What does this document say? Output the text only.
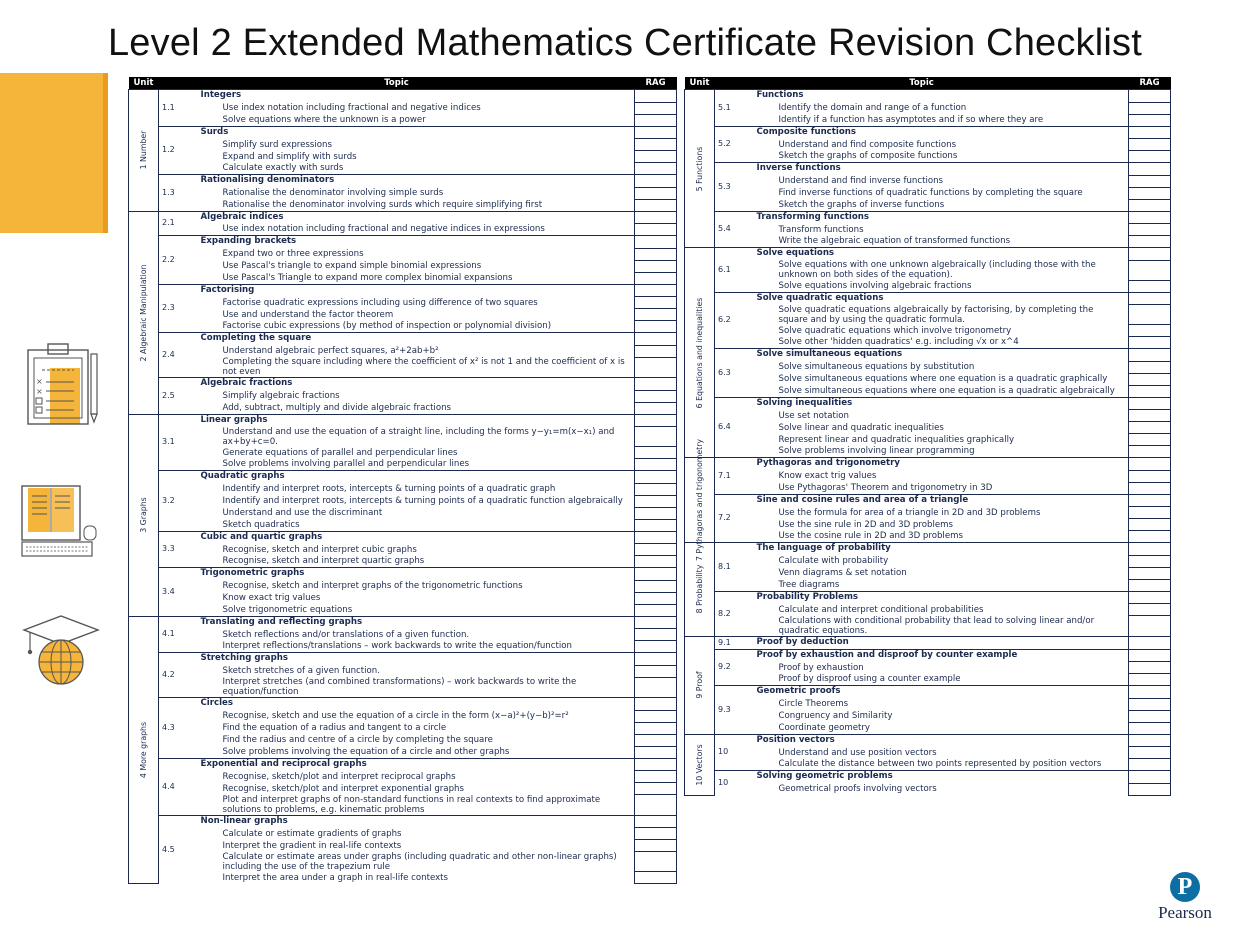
Level 2 Extended Mathematics Certificate Revision Checklist
×
×
Unit	Topic		RAG

1 Number	1.1	Integers	

		Use index notation including fractional and negative indices	

		Solve equations where the unknown is a power	

	1.2	Surds	

		Simplify surd expressions	

		Expand and simplify with surds	

		Calculate exactly with surds	

	1.3	Rationalising denominators	

		Rationalise the denominator involving simple surds	

		Rationalise the denominator involving surds which require simplifying first	

2 Algebraic Manipulation	2.1	Algebraic indices	

		Use index notation including fractional and negative indices in expressions	

	2.2	Expanding brackets	

		Expand two or three expressions	

		Use Pascal's triangle to expand simple binomial expressions	

		Use Pascal's Triangle to expand more complex binomial expansions	

	2.3	Factorising	

		Factorise quadratic expressions including using difference of two squares	

		Use and understand the factor theorem	

		Factorise cubic expressions (by method of inspection or polynomial division)	

	2.4	Completing the square	

		Understand algebraic perfect squares, a²+2ab+b²	

		Completing the square including where the coefficient of x² is not 1 and the coefficient of x is not even	

	2.5	Algebraic fractions	

		Simplify algebraic fractions	

		Add, subtract, multiply and divide algebraic fractions	

3 Graphs	3.1	Linear graphs	

		Understand and use the equation of a straight line, including the forms y−y₁=m(x−x₁) and ax+by+c=0.	

		Generate equations of parallel and perpendicular lines	

		Solve problems involving parallel and perpendicular lines	

	3.2	Quadratic graphs	

		Indentify and interpret roots, intercepts & turning points of a quadratic graph	

		Indentify and interpret roots, intercepts & turning points of a quadratic function algebraically	

		Understand and use the discriminant	

		Sketch quadratics	

	3.3	Cubic and quartic graphs	

		Recognise, sketch and interpret cubic graphs	

		Recognise, sketch and interpret quartic graphs	

	3.4	Trigonometric graphs	

		Recognise, sketch and interpret graphs of the trigonometric functions	

		Know exact trig values	

		Solve trigonometric equations	

4 More graphs	4.1	Translating and reflecting graphs	

		Sketch reflections and/or translations of a given function.	

		Interpret reflections/translations – work backwards to write the equation/function	

	4.2	Stretching graphs	

		Sketch stretches of a given function.	

		Interpret stretches (and combined transformations) – work backwards to write the equation/function	

	4.3	Circles	

		Recognise, sketch and use the equation of a circle in the form (x−a)²+(y−b)²=r²	

		Find the equation of a radius and tangent to a circle	

		Find the radius and centre of a circle by completing the square	

		Solve problems involving the equation of a circle and other graphs	

	4.4	Exponential and reciprocal graphs	

		Recognise, sketch/plot and interpret reciprocal graphs	

		Recognise, sketch/plot and interpret exponential graphs	

		Plot and interpret graphs of non-standard functions in real contexts to find approximate solutions to problems, e.g. kinematic problems	

	4.5	Non-linear graphs	

		Calculate or estimate gradients of graphs	

		Interpret the gradient in real-life contexts	

		Calculate or estimate areas under graphs (including quadratic and other non-linear graphs) including the use of the trapezium rule	

		Interpret the area under a graph in real-life contexts	

Unit	Topic		RAG

5 Functions	5.1	Functions	

		Identify the domain and range of a function	

		Identify if a function has asymptotes and if so where they are	

	5.2	Composite functions	

		Understand and find composite functions	

		Sketch the graphs of composite functions	

	5.3	Inverse functions	

		Understand and find inverse functions	

		Find inverse functions of quadratic functions by completing the square	

		Sketch the graphs of inverse functions	

	5.4	Transforming functions	

		Transform functions	

		Write the algebraic equation of transformed functions	

6 Equations and inequalities	6.1	Solve equations	

		Solve equations with one unknown algebraically (including those with the unknown on both sides of the equation).	

		Solve equations involving algebraic fractions	

	6.2	Solve quadratic equations	

		Solve quadratic equations algebraically by factorising, by completing the square and by using the quadratic formula.	

		Solve quadratic equations which involve trigonometry	

		Solve other 'hidden quadratics' e.g. including √x or x^4	

	6.3	Solve simultaneous equations	

		Solve simultaneous equations by substitution	

		Solve simultaneous equations where one equation is a quadratic graphically	

		Solve simultaneous equations where one equation is a quadratic algebraically	

	6.4	Solving inequalities	

		Use set notation	

		Solve linear and quadratic inequalities	

		Represent linear and quadratic inequalities graphically	

		Solve problems involving linear programming	

7 Pythagoras and trigonometry	7.1	Pythagoras and trigonometry	

		Know exact trig values	

		Use Pythagoras' Theorem and trigonometry in 3D	

	7.2	Sine and cosine rules and area of a triangle	

		Use the formula for area of a triangle in 2D and 3D problems	

		Use the sine rule in 2D and 3D problems	

		Use the cosine rule in 2D and 3D problems	

8 Probability	8.1	The language of probability	

		Calculate with probability	

		Venn diagrams & set notation	

		Tree diagrams	

	8.2	Probability Problems	

		Calculate and interpret conditional probabilities	

		Calculations with conditional probability that lead to solving linear and/or quadratic equations.	

9 Proof	9.1	Proof by deduction	

	9.2	Proof by exhaustion and disproof by counter example	

		Proof by exhaustion	

		Proof by disproof using a counter example	

	9.3	Geometric proofs	

		Circle Theorems	

		Congruency and Similarity	

		Coordinate geometry	

10 Vectors	10	Position vectors	

		Understand and use position vectors	

		Calculate the distance between two points represented by position vectors	

	10	Solving geometric problems	

		Geometrical proofs involving vectors	

P
Pearson
